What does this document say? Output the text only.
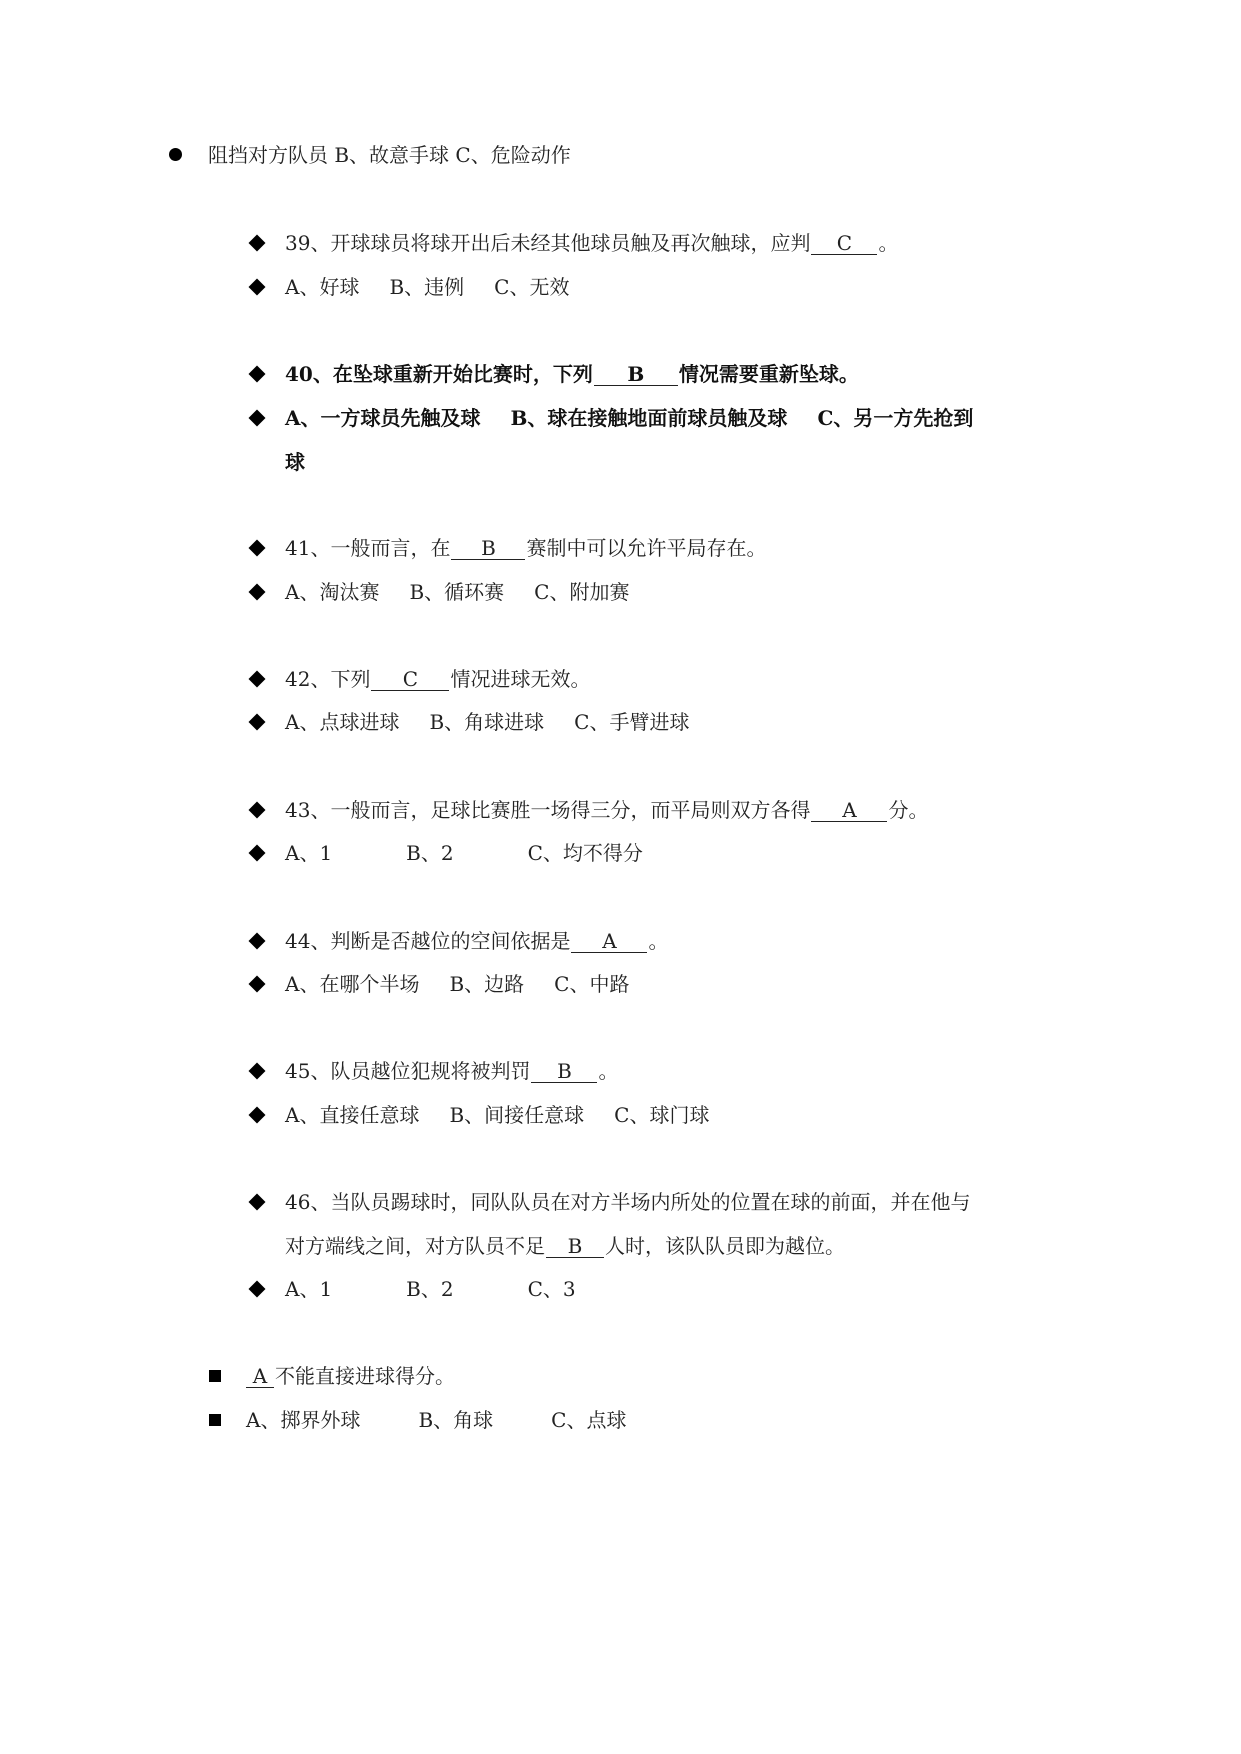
阻挡对方队员 B、故意手球 C、危险动作
39、开球球员将球开出后未经其他球员触及再次触球，应判 C 。
A、好球 B、违例 C、无效
40、在坠球重新开始比赛时，下列 B 情况需要重新坠球。
A、一方球员先触及球 B、球在接触地面前球员触及球 C、另一方先抢到
球
41、一般而言，在 B 赛制中可以允许平局存在。
A、淘汰赛 B、循环赛 C、附加赛
42、下列 C 情况进球无效。
A、点球进球 B、角球进球 C、手臂进球
43、一般而言，足球比赛胜一场得三分，而平局则双方各得 A 分。
A、1	B、2	C、均不得分
44、判断是否越位的空间依据是 A 。
A、在哪个半场 B、边路 C、中路
45、队员越位犯规将被判罚 B 。
A、直接任意球 B、间接任意球 C、球门球
46、当队员踢球时，同队队员在对方半场内所处的位置在球的前面，并在他与
对方端线之间，对方队员不足 B 人时，该队队员即为越位。
A、1	B、2	C、3
A 不能直接进球得分。
A、掷界外球	B、角球	C、点球
